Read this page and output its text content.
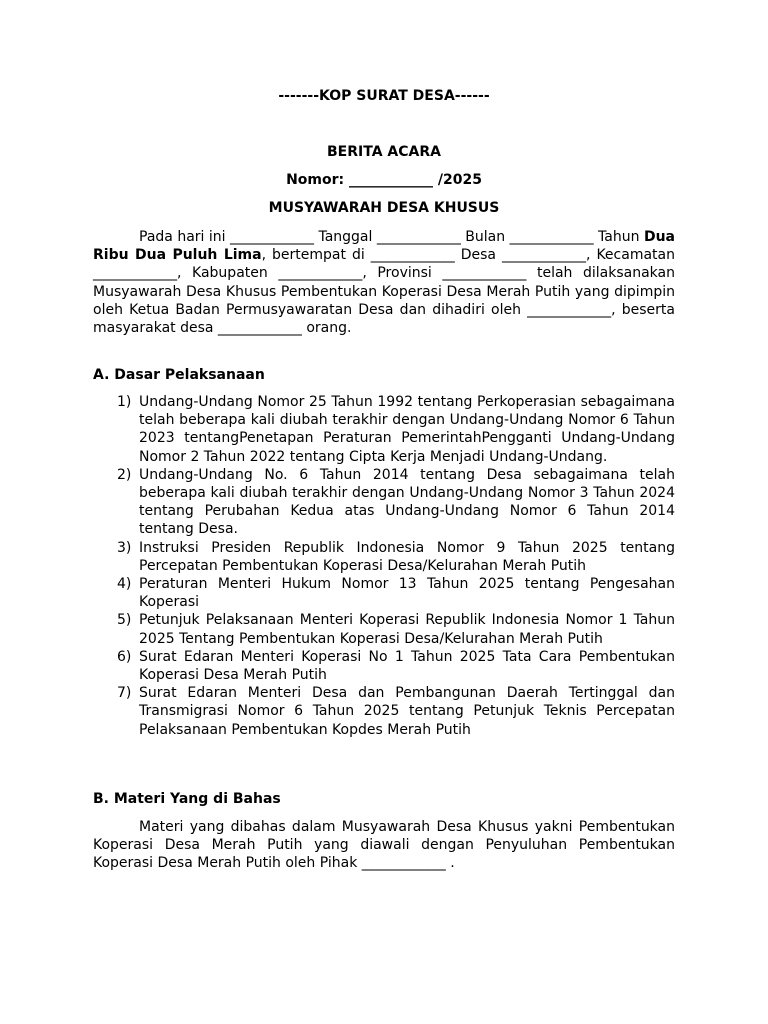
-------KOP SURAT DESA------
BERITA ACARA
Nomor: ____________ /2025
MUSYAWARAH DESA KHUSUS
Pada hari ini ____________ Tanggal ____________ Bulan ____________ Tahun Dua Ribu Dua Puluh Lima, bertempat di ____________ Desa ____________, Kecamatan ____________, Kabupaten ____________, Provinsi ____________ telah dilaksanakan Musyawarah Desa Khusus Pembentukan Koperasi Desa Merah Putih yang dipimpin oleh Ketua Badan Permusyawaratan Desa dan dihadiri oleh ____________, beserta masyarakat desa ____________ orang.
A. Dasar Pelaksanaan
1) Undang-Undang Nomor 25 Tahun 1992 tentang Perkoperasian sebagaimana telah beberapa kali diubah terakhir dengan Undang-Undang Nomor 6 Tahun 2023 tentangPenetapan Peraturan PemerintahPengganti Undang-Undang Nomor 2 Tahun 2022 tentang Cipta Kerja Menjadi Undang-Undang.
2) Undang-Undang No. 6 Tahun 2014 tentang Desa sebagaimana telah beberapa kali diubah terakhir dengan Undang-Undang Nomor 3 Tahun 2024 tentang Perubahan Kedua atas Undang-Undang Nomor 6 Tahun 2014 tentang Desa.
3) Instruksi Presiden Republik Indonesia Nomor 9 Tahun 2025 tentang Percepatan Pembentukan Koperasi Desa/Kelurahan Merah Putih
4) Peraturan Menteri Hukum Nomor 13 Tahun 2025 tentang Pengesahan Koperasi
5) Petunjuk Pelaksanaan Menteri Koperasi Republik Indonesia Nomor 1 Tahun 2025 Tentang Pembentukan Koperasi Desa/Kelurahan Merah Putih
6) Surat Edaran Menteri Koperasi No 1 Tahun 2025 Tata Cara Pembentukan Koperasi Desa Merah Putih
7) Surat Edaran Menteri Desa dan Pembangunan Daerah Tertinggal dan Transmigrasi Nomor 6 Tahun 2025 tentang Petunjuk Teknis Percepatan Pelaksanaan Pembentukan Kopdes Merah Putih
B. Materi Yang di Bahas
Materi yang dibahas dalam Musyawarah Desa Khusus yakni Pembentukan Koperasi Desa Merah Putih yang diawali dengan Penyuluhan Pembentukan Koperasi Desa Merah Putih oleh Pihak ____________ .
